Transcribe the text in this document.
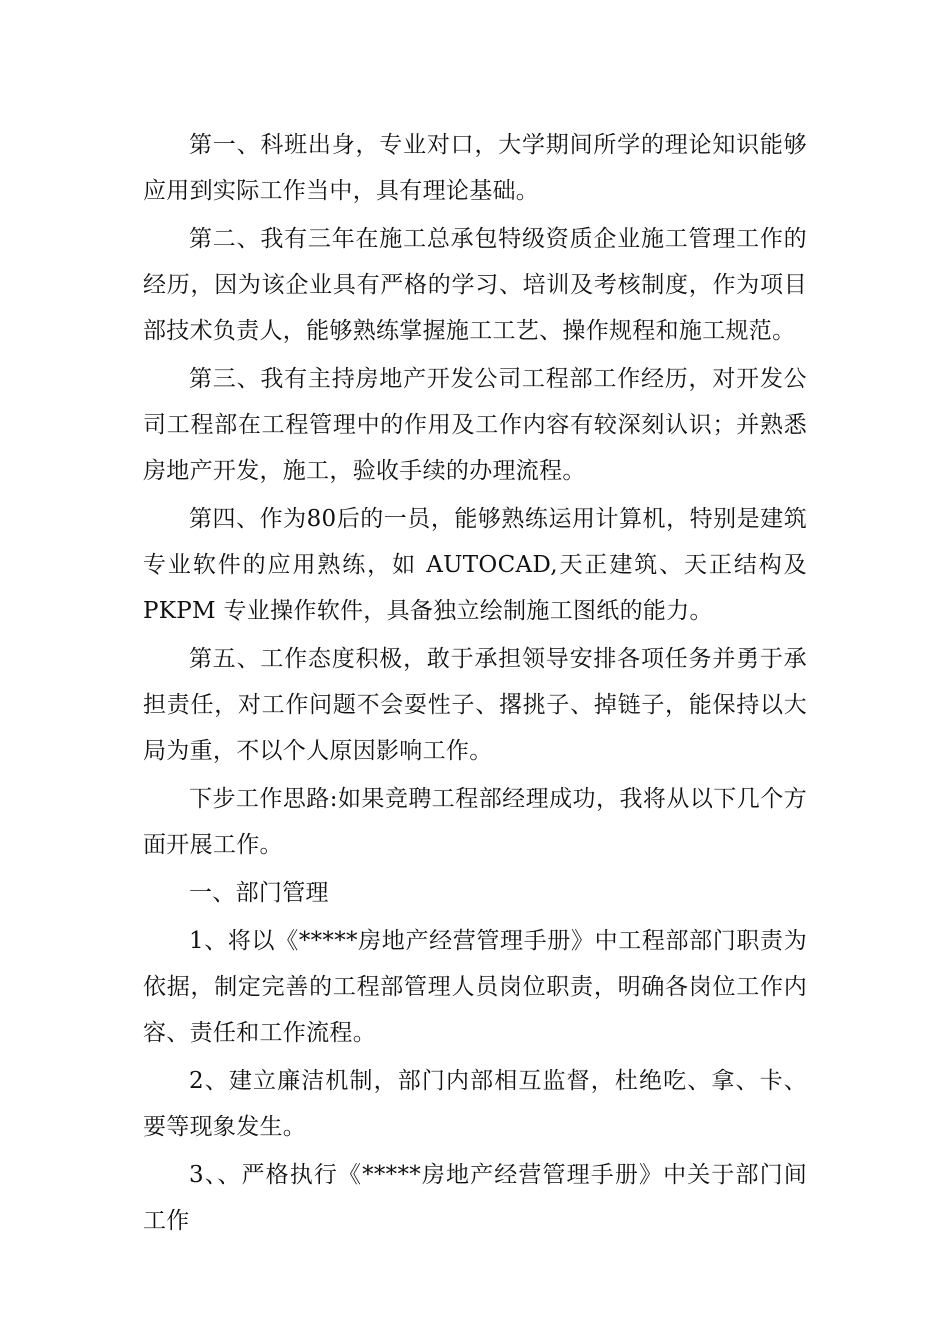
第一、科班出身，专业对口，大学期间所学的理论知识能够应用到实际工作当中，具有理论基础。

第二、我有三年在施工总承包特级资质企业施工管理工作的经历，因为该企业具有严格的学习、培训及考核制度，作为项目部技术负责人，能够熟练掌握施工工艺、操作规程和施工规范。

第三、我有主持房地产开发公司工程部工作经历，对开发公司工程部在工程管理中的作用及工作内容有较深刻认识；并熟悉房地产开发，施工，验收手续的办理流程。

第四、作为80后的一员，能够熟练运用计算机，特别是建筑专业软件的应用熟练，如 AUTOCAD,天正建筑、天正结构及 PKPM 专业操作软件，具备独立绘制施工图纸的能力。

第五、工作态度积极，敢于承担领导安排各项任务并勇于承担责任，对工作问题不会耍性子、撂挑子、掉链子，能保持以大局为重，不以个人原因影响工作。

下步工作思路:如果竞聘工程部经理成功，我将从以下几个方面开展工作。

一、部门管理

1、将以《*****房地产经营管理手册》中工程部部门职责为依据，制定完善的工程部管理人员岗位职责，明确各岗位工作内容、责任和工作流程。

2、建立廉洁机制，部门内部相互监督，杜绝吃、拿、卡、要等现象发生。

3、、严格执行《*****房地产经营管理手册》中关于部门间工作
